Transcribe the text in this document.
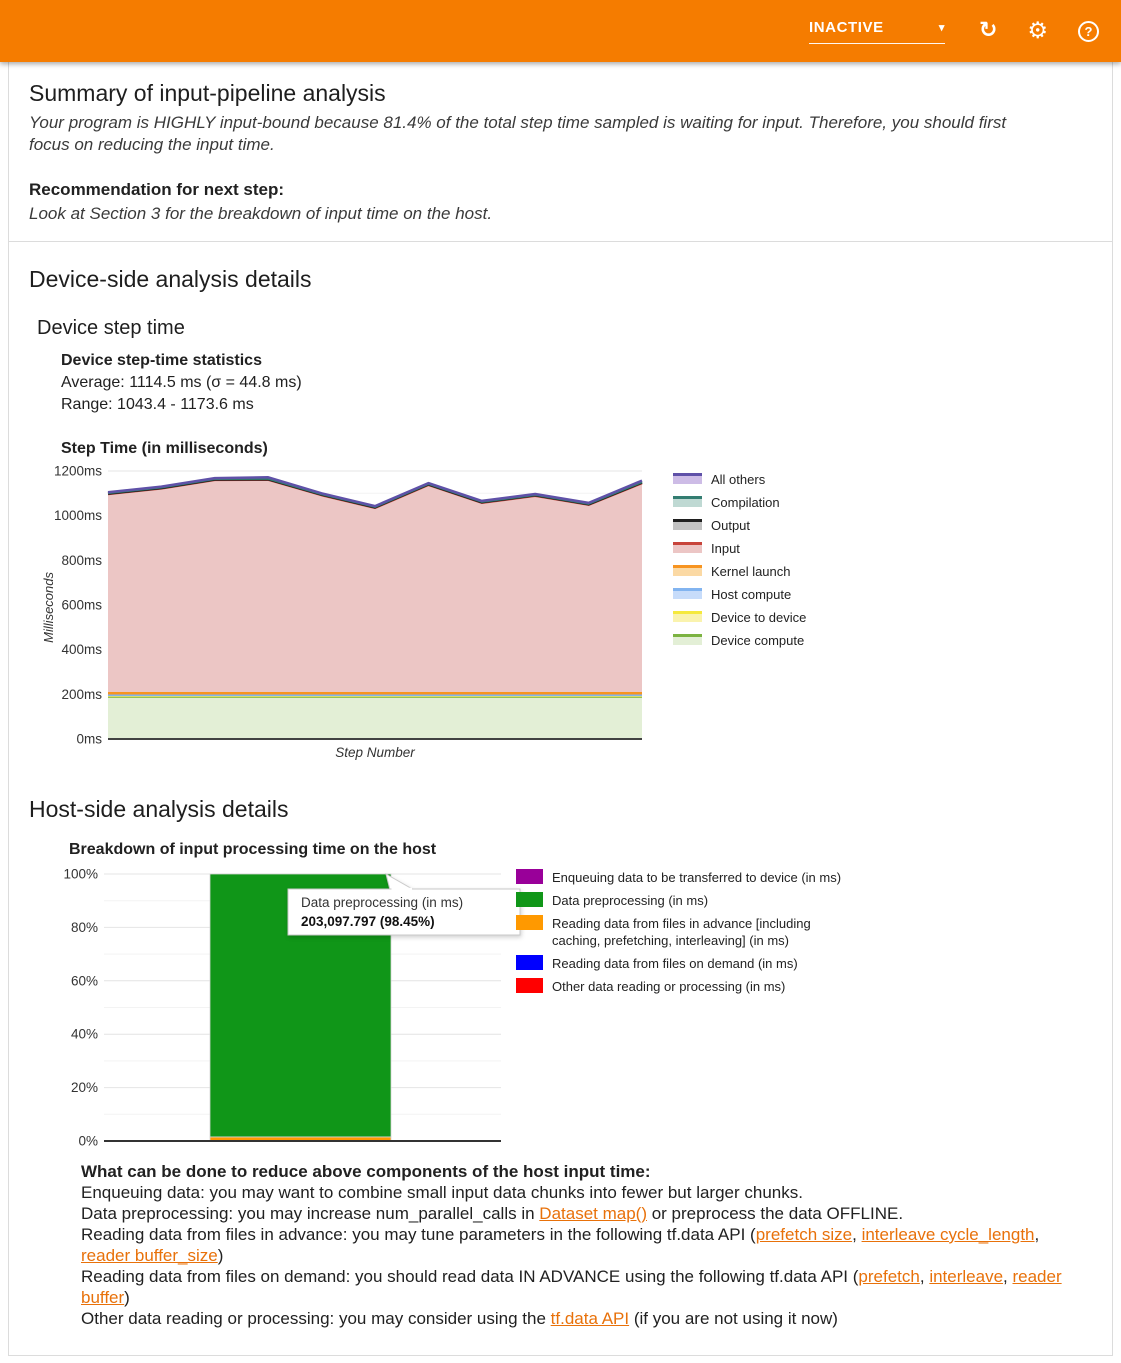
INACTIVE	▾ ↻ ⚙	?
Summary of input-pipeline analysis

Your program is HIGHLY input-bound because 81.4% of the total step time sampled is waiting for input. Therefore, you should first
focus on reducing the input time.

Recommendation for next step:

Look at Section 3 for the breakdown of input time on the host.

Device-side analysis details
Device step time
Device step-time statistics
Average: 1114.5 ms (σ = 44.8 ms)
Range: 1043.4 - 1173.6 ms
Step Time (in milliseconds)
Milliseconds
0ms
200ms
400ms
600ms
800ms
1000ms
1200ms
Step Number
All others
Compilation
Output
Input
Kernel launch
Host compute
Device to device
Device compute
Host-side analysis details
Breakdown of input processing time on the host
0%
20%
40%
60%
80%
100%
Data preprocessing (in ms)
203,097.797 (98.45%)
Enqueuing data to be transferred to device (in ms)
Data preprocessing (in ms)
Reading data from files in advance [including caching, prefetching, interleaving] (in ms)
Reading data from files on demand (in ms)
Other data reading or processing (in ms)
What can be done to reduce above components of the host input time:
Enqueuing data: you may want to combine small input data chunks into fewer but larger chunks.
Data preprocessing: you may increase num_parallel_calls in Dataset map() or preprocess the data OFFLINE.
Reading data from files in advance: you may tune parameters in the following tf.data API (prefetch size, interleave cycle_length,
reader buffer_size)
Reading data from files on demand: you should read data IN ADVANCE using the following tf.data API (prefetch, interleave, reader
buffer)
Other data reading or processing: you may consider using the tf.data API (if you are not using it now)
